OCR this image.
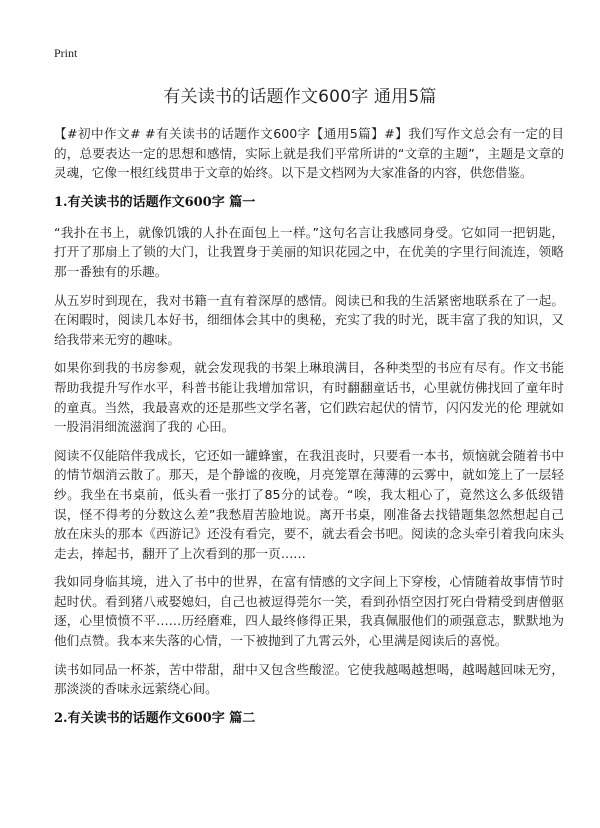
Print
有关读书的话题作文600字 通用5篇

【#初中作文# #有关读书的话题作文600字【通用5篇】#】我们写作文总会有一定的目的，总要表达一定的思想和感情，实际上就是我们平常所讲的“文章的主题”，主题是文章的灵魂，它像一根红线贯串于文章的始终。以下是文档网为大家准备的内容，供您借鉴。

1.有关读书的话题作文600字 篇一

“我扑在书上，就像饥饿的人扑在面包上一样。”这句名言让我感同身受。它如同一把钥匙，打开了那扇上了锁的大门，让我置身于美丽的知识花园之中，在优美的字里行间流连，领略那一番独有的乐趣。

从五岁时到现在，我对书籍一直有着深厚的感情。阅读已和我的生活紧密地联系在了一起。在闲暇时，阅读几本好书，细细体会其中的奥秘，充实了我的时光，既丰富了我的知识，又给我带来无穷的趣味。

如果你到我的书房参观，就会发现我的书架上琳琅满目，各种类型的书应有尽有。作文书能帮助我提升写作水平，科普书能让我增加常识，有时翻翻童话书，心里就仿佛找回了童年时的童真。当然，我最喜欢的还是那些文学名著，它们跌宕起伏的情节，闪闪发光的伦 理就如一股涓涓细流滋润了我的 心田。

阅读不仅能陪伴我成长，它还如一罐蜂蜜，在我沮丧时，只要看一本书，烦恼就会随着书中的情节烟消云散了。那天，是个静谧的夜晚，月亮笼罩在薄薄的云雾中，就如笼上了一层轻纱。我坐在书桌前，低头看一张打了85分的试卷。“唉，我太粗心了，竟然这么多低级错误，怪不得考的分数这么差”我愁眉苦脸地说。离开书桌，刚准备去找错题集忽然想起自己放在床头的那本《西游记》还没有看完，要不，就去看会书吧。阅读的念头牵引着我向床头走去，捧起书，翻开了上次看到的那一页……

我如同身临其境，进入了书中的世界，在富有情感的文字间上下穿梭，心情随着故事情节时起时伏。看到猪八戒娶媳妇，自己也被逗得莞尔一笑，看到孙悟空因打死白骨精受到唐僧驱逐，心里愤愤不平……历经磨难，四人最终修得正果，我真佩服他们的顽强意志，默默地为他们点赞。我本来失落的心情，一下被抛到了九霄云外，心里满是阅读后的喜悦。

读书如同品一杯茶，苦中带甜，甜中又包含些酸涩。它使我越喝越想喝，越喝越回味无穷，那淡淡的香味永远萦绕心间。

2.有关读书的话题作文600字 篇二
